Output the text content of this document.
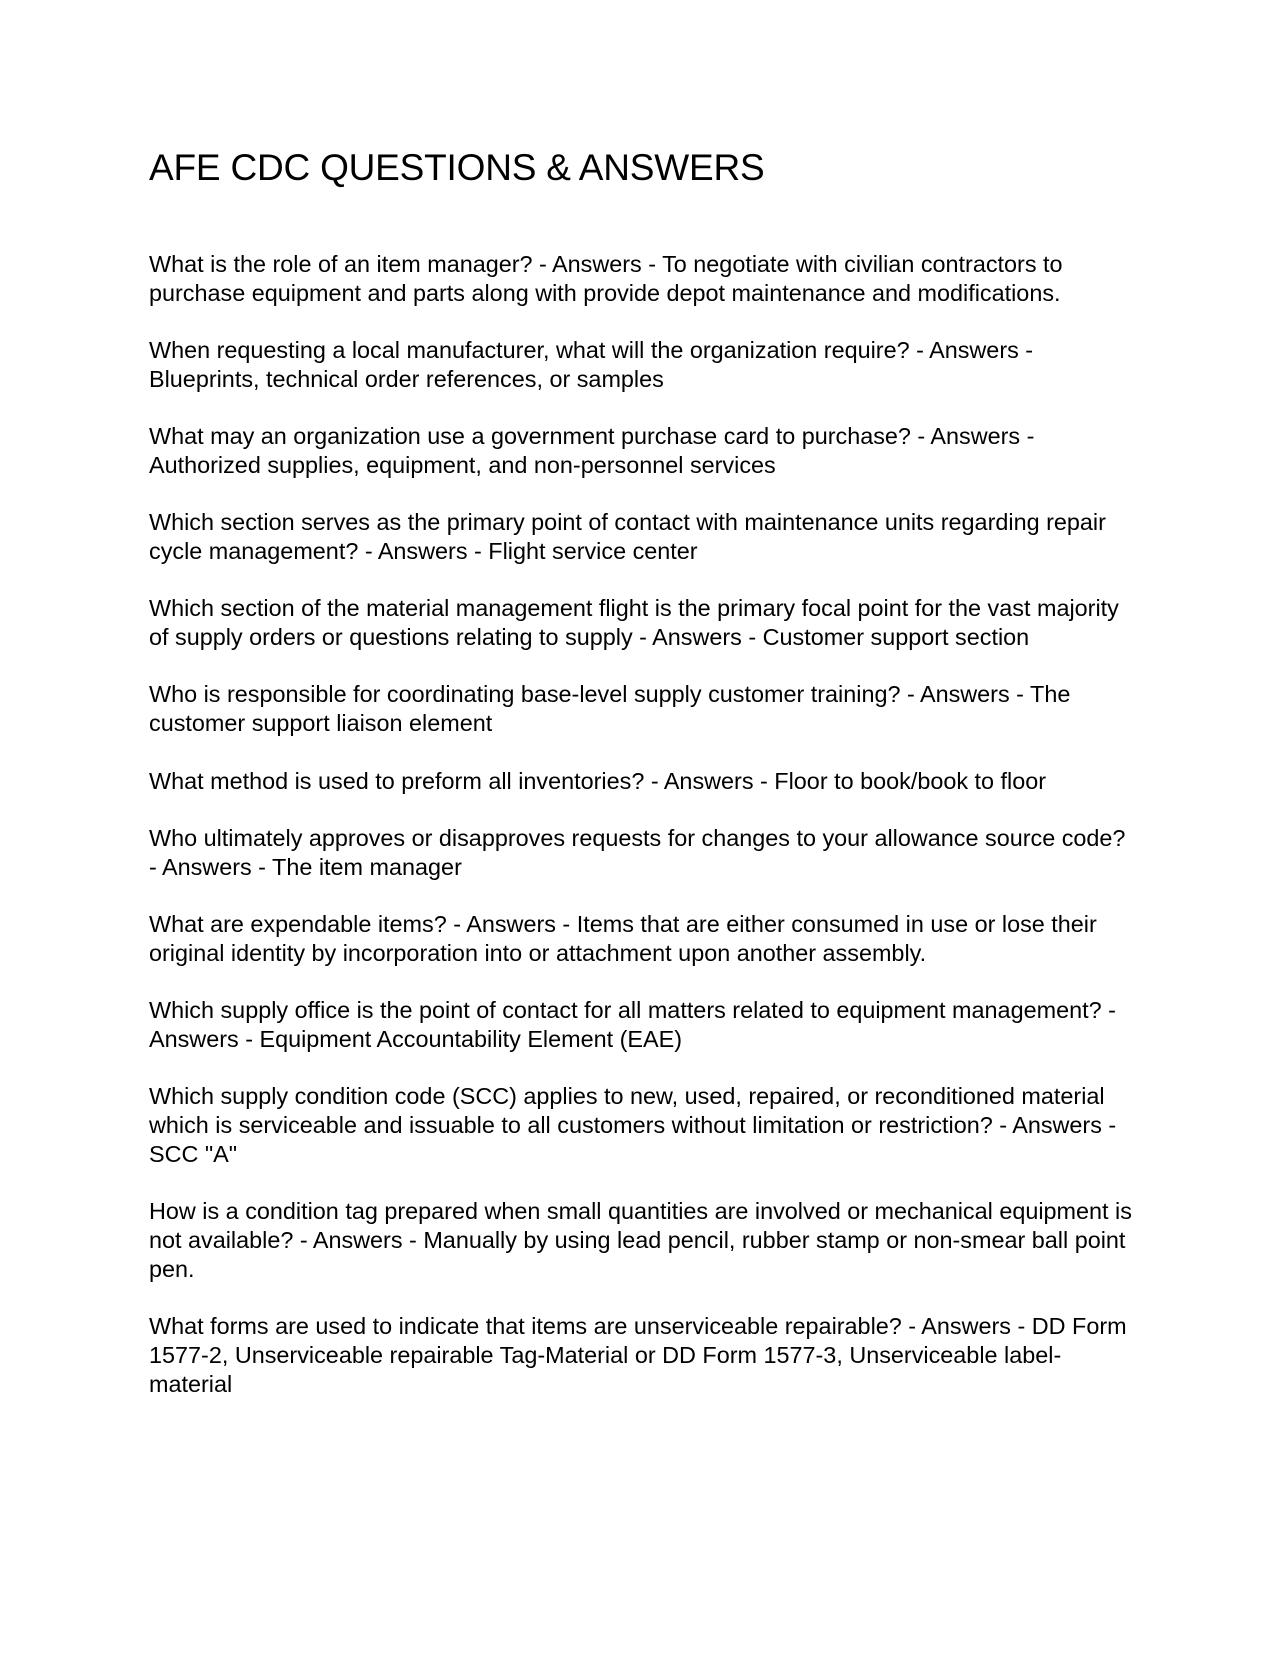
AFE CDC QUESTIONS & ANSWERS

What is the role of an item manager? - Answers - To negotiate with civilian contractors to purchase equipment and parts along with provide depot maintenance and modifications.

When requesting a local manufacturer, what will the organization require? - Answers - Blueprints, technical order references, or samples

What may an organization use a government purchase card to purchase? - Answers - Authorized supplies, equipment, and non-personnel services

Which section serves as the primary point of contact with maintenance units regarding repair cycle management? - Answers - Flight service center

Which section of the material management flight is the primary focal point for the vast majority of supply orders or questions relating to supply - Answers - Customer support section

Who is responsible for coordinating base-level supply customer training? - Answers - The customer support liaison element

What method is used to preform all inventories? - Answers - Floor to book/book to floor

Who ultimately approves or disapproves requests for changes to your allowance source code? - Answers - The item manager

What are expendable items? - Answers - Items that are either consumed in use or lose their original identity by incorporation into or attachment upon another assembly.

Which supply office is the point of contact for all matters related to equipment management? - Answers - Equipment Accountability Element (EAE)

Which supply condition code (SCC) applies to new, used, repaired, or reconditioned material which is serviceable and issuable to all customers without limitation or restriction? - Answers - SCC "A"

How is a condition tag prepared when small quantities are involved or mechanical equipment is not available? - Answers - Manually by using lead pencil, rubber stamp or non-smear ball point pen.

What forms are used to indicate that items are unserviceable repairable? - Answers - DD Form 1577-2, Unserviceable repairable Tag-Material or DD Form 1577-3, Unserviceable label-material
